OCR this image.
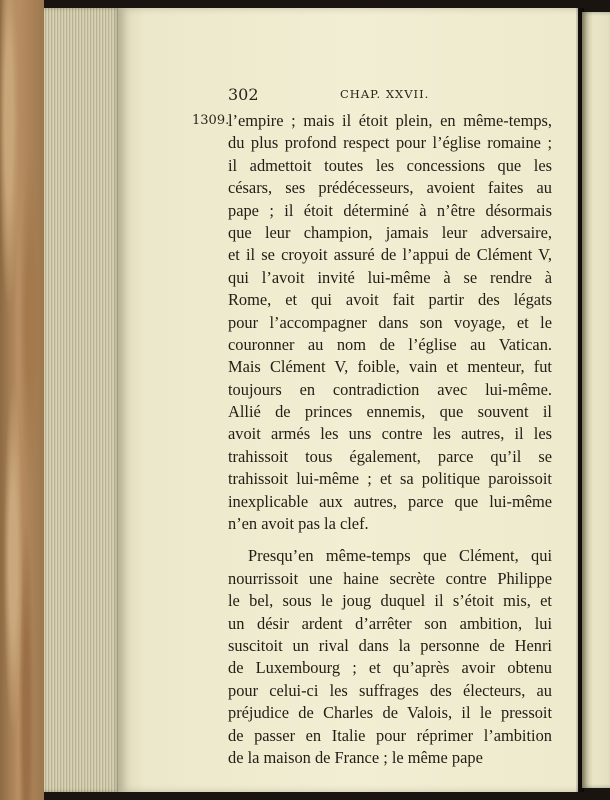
302	CHAP. XXVII.
1309.
l’empire ; mais il étoit plein, en même-temps,
du plus profond respect pour l’église romaine ;
il admettoit toutes les concessions que les
césars, ses prédécesseurs, avoient faites au
pape ; il étoit déterminé à n’être désormais
que leur champion, jamais leur adversaire,
et il se croyoit assuré de l’appui de Clément V,
qui l’avoit invité lui-même à se rendre à
Rome, et qui avoit fait partir des légats
pour l’accompagner dans son voyage, et le
couronner au nom de l’église au Vatican.
Mais Clément V, foible, vain et menteur, fut
toujours en contradiction avec lui-même.
Allié de princes ennemis, que souvent il
avoit armés les uns contre les autres, il les
trahissoit tous également, parce qu’il se
trahissoit lui-même ; et sa politique paroissoit
inexplicable aux autres, parce que lui-même
n’en avoit pas la clef.
Presqu’en même-temps que Clément, qui
nourrissoit une haine secrète contre Philippe
le bel, sous le joug duquel il s’étoit mis, et
un désir ardent d’arrêter son ambition, lui
suscitoit un rival dans la personne de Henri
de Luxembourg ; et qu’après avoir obtenu
pour celui-ci les suffrages des électeurs, au
préjudice de Charles de Valois, il le pressoit
de passer en Italie pour réprimer l’ambition
de la maison de France ; le même pape
